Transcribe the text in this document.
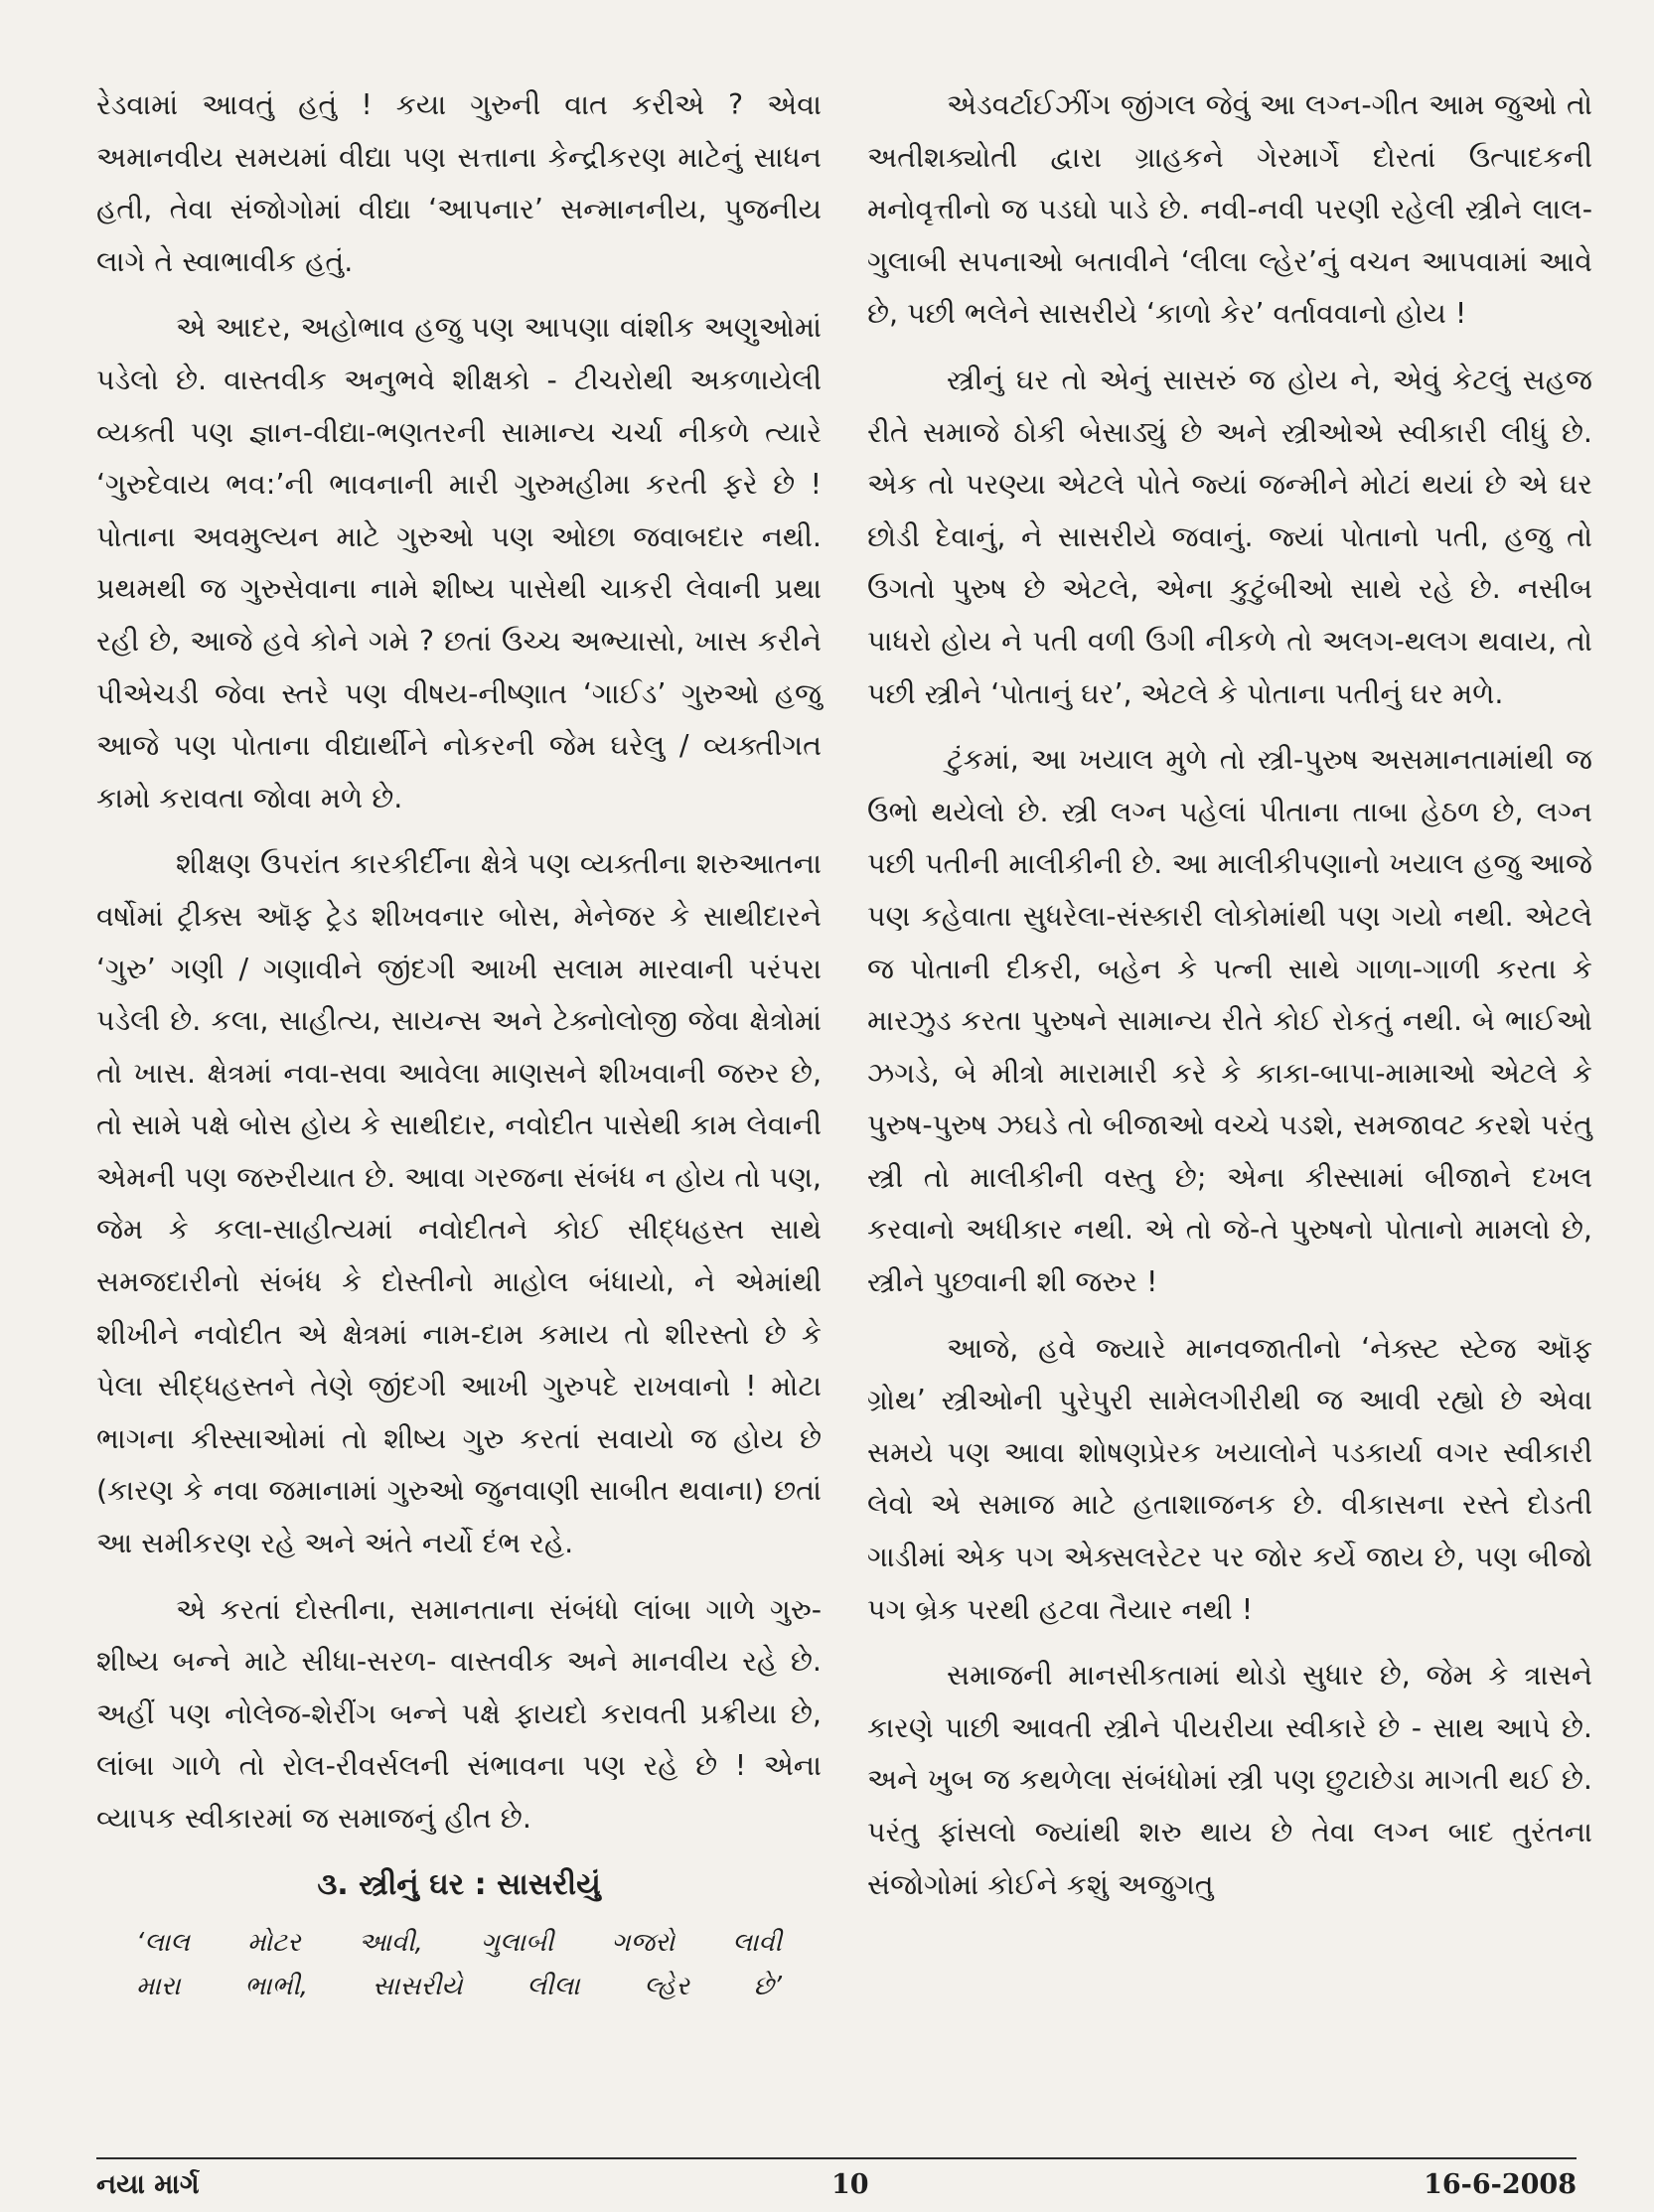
રેડવામાં આવતું હતું ! કયા ગુરુની વાત કરીએ ? એવા અમાનવીય સમયમાં વીદ્યા પણ સત્તાના કેન્દ્રીકરણ માટેનું સાધન હતી, તેવા સંજોગોમાં વીદ્યા ‘આપનાર’ સન્માનનીય, પુજનીય લાગે તે સ્વાભાવીક હતું.

એ આદર, અહોભાવ હજુ પણ આપણા વાંશીક અણુઓમાં પડેલો છે. વાસ્તવીક અનુભવે શીક્ષકો - ટીચરોથી અકળાયેલી વ્યક્તી પણ જ્ઞાન-વીદ્યા-ભણતરની સામાન્ય ચર્ચા નીકળે ત્યારે ‘ગુરુદેવાય ભવ:’ની ભાવનાની મારી ગુરુમહીમા કરતી ફરે છે ! પોતાના અવમુલ્યન માટે ગુરુઓ પણ ઓછા જવાબદાર નથી. પ્રથમથી જ ગુરુસેવાના નામે શીષ્ય પાસેથી ચાકરી લેવાની પ્રથા રહી છે, આજે હવે કોને ગમે ? છતાં ઉચ્ચ અભ્યાસો, ખાસ કરીને પીએચડી જેવા સ્તરે પણ વીષય-નીષ્ણાત ‘ગાઈડ’ ગુરુઓ હજુ આજે પણ પોતાના વીદ્યાર્થીને નોકરની જેમ ઘરેલુ / વ્યક્તીગત કામો કરાવતા જોવા મળે છે.

શીક્ષણ ઉપરાંત કારકીર્દીના ક્ષેત્રે પણ વ્યક્તીના શરુઆતના વર્ષોમાં ટ્રીક્સ ઑફ ટ્રેડ શીખવનાર બોસ, મેનેજર કે સાથીદારને ‘ગુરુ’ ગણી / ગણાવીને જીંદગી આખી સલામ મારવાની પરંપરા પડેલી છે. કલા, સાહીત્ય, સાયન્સ અને ટેક્નોલોજી જેવા ક્ષેત્રોમાં તો ખાસ. ક્ષેત્રમાં નવા-સવા આવેલા માણસને શીખવાની જરુર છે, તો સામે પક્ષે બોસ હોય કે સાથીદાર, નવોદીત પાસેથી કામ લેવાની એમની પણ જરુરીયાત છે. આવા ગરજના સંબંધ ન હોય તો પણ, જેમ કે કલા-સાહીત્યમાં નવોદીતને કોઈ સીદ્ધહસ્ત સાથે સમજદારીનો સંબંધ કે દોસ્તીનો માહોલ બંધાયો, ને એમાંથી શીખીને નવોદીત એ ક્ષેત્રમાં નામ-દામ કમાય તો શીરસ્તો છે કે પેલા સીદ્ધહસ્તને તેણે જીંદગી આખી ગુરુપદે રાખવાનો ! મોટા ભાગના કીસ્સાઓમાં તો શીષ્ય ગુરુ કરતાં સવાયો જ હોય છે (કારણ કે નવા જમાનામાં ગુરુઓ જુનવાણી સાબીત થવાના) છતાં આ સમીકરણ રહે અને અંતે નર્યો દંભ રહે.

એ કરતાં દોસ્તીના, સમાનતાના સંબંધો લાંબા ગાળે ગુરુ-શીષ્ય બન્ને માટે સીધા-સરળ- વાસ્તવીક અને માનવીય રહે છે. અહીં પણ નોલેજ-શેરીંગ બન્ને પક્ષે ફાયદો કરાવતી પ્રક્રીયા છે, લાંબા ગાળે તો રોલ-રીવર્સલની સંભાવના પણ રહે છે ! એના વ્યાપક સ્વીકારમાં જ સમાજનું હીત છે.

૩. સ્ત્રીનું ઘર : સાસરીયું
‘લાલ મોટર આવી, ગુલાબી ગજરો લાવી
મારા ભાભી, સાસરીયે લીલા લ્હેર છે’

એડવર્ટાઈઝીંગ જીંગલ જેવું આ લગ્ન-ગીત આમ જુઓ તો અતીશક્યોતી દ્વારા ગ્રાહકને ગેરમાર્ગે દોરતાં ઉત્પાદકની મનોવૃત્તીનો જ પડઘો પાડે છે. નવી-નવી પરણી રહેલી સ્ત્રીને લાલ-ગુલાબી સપનાઓ બતાવીને ‘લીલા લ્હેર’નું વચન આપવામાં આવે છે, પછી ભલેને સાસરીયે ‘કાળો કેર’ વર્તાવવાનો હોય !

સ્ત્રીનું ઘર તો એનું સાસરું જ હોય ને, એવું કેટલું સહજ રીતે સમાજે ઠોકી બેસાડ્યું છે અને સ્ત્રીઓએ સ્વીકારી લીધું છે. એક તો પરણ્યા એટલે પોતે જ્યાં જન્મીને મોટાં થયાં છે એ ઘર છોડી દેવાનું, ને સાસરીયે જવાનું. જ્યાં પોતાનો પતી, હજુ તો ઉગતો પુરુષ છે એટલે, એના કુટુંબીઓ સાથે રહે છે. નસીબ પાધરો હોય ને પતી વળી ઉગી નીકળે તો અલગ-થલગ થવાય, તો પછી સ્ત્રીને ‘પોતાનું ઘર’, એટલે કે પોતાના પતીનું ઘર મળે.

ટુંકમાં, આ ખયાલ મુળે તો સ્ત્રી-પુરુષ અસમાનતામાંથી જ ઉભો થયેલો છે. સ્ત્રી લગ્ન પહેલાં પીતાના તાબા હેઠળ છે, લગ્ન પછી પતીની માલીકીની છે. આ માલીકીપણાનો ખયાલ હજુ આજે પણ કહેવાતા સુધરેલા-સંસ્કારી લોકોમાંથી પણ ગયો નથી. એટલે જ પોતાની દીકરી, બહેન કે પત્ની સાથે ગાળા-ગાળી કરતા કે મારઝુડ કરતા પુરુષને સામાન્ય રીતે કોઈ રોકતું નથી. બે ભાઈઓ ઝગડે, બે મીત્રો મારામારી કરે કે કાકા-બાપા-મામાઓ એટલે કે પુરુષ-પુરુષ ઝઘડે તો બીજાઓ વચ્ચે પડશે, સમજાવટ કરશે પરંતુ સ્ત્રી તો માલીકીની વસ્તુ છે; એના કીસ્સામાં બીજાને દખલ કરવાનો અધીકાર નથી. એ તો જે-તે પુરુષનો પોતાનો મામલો છે, સ્ત્રીને પુછવાની શી જરુર !

આજે, હવે જ્યારે માનવજાતીનો ‘નેક્સ્ટ સ્ટેજ ઑફ ગ્રોથ’ સ્ત્રીઓની પુરેપુરી સામેલગીરીથી જ આવી રહ્યો છે એવા સમયે પણ આવા શોષણપ્રેરક ખયાલોને પડકાર્યા વગર સ્વીકારી લેવો એ સમાજ માટે હતાશાજનક છે. વીકાસના રસ્તે દોડતી ગાડીમાં એક પગ એક્સલરેટર પર જોર કર્યે જાય છે, પણ બીજો પગ બ્રેક પરથી હટવા તૈયાર નથી !

સમાજની માનસીકતામાં થોડો સુધાર છે, જેમ કે ત્રાસને કારણે પાછી આવતી સ્ત્રીને પીયરીયા સ્વીકારે છે - સાથ આપે છે. અને ખુબ જ કથળેલા સંબંધોમાં સ્ત્રી પણ છુટાછેડા માગતી થઈ છે. પરંતુ ફાંસલો જ્યાંથી શરુ થાય છે તેવા લગ્ન બાદ તુરંતના સંજોગોમાં કોઈને કશું અજુગતુ

નયા માર્ગ	10	16-6-2008
